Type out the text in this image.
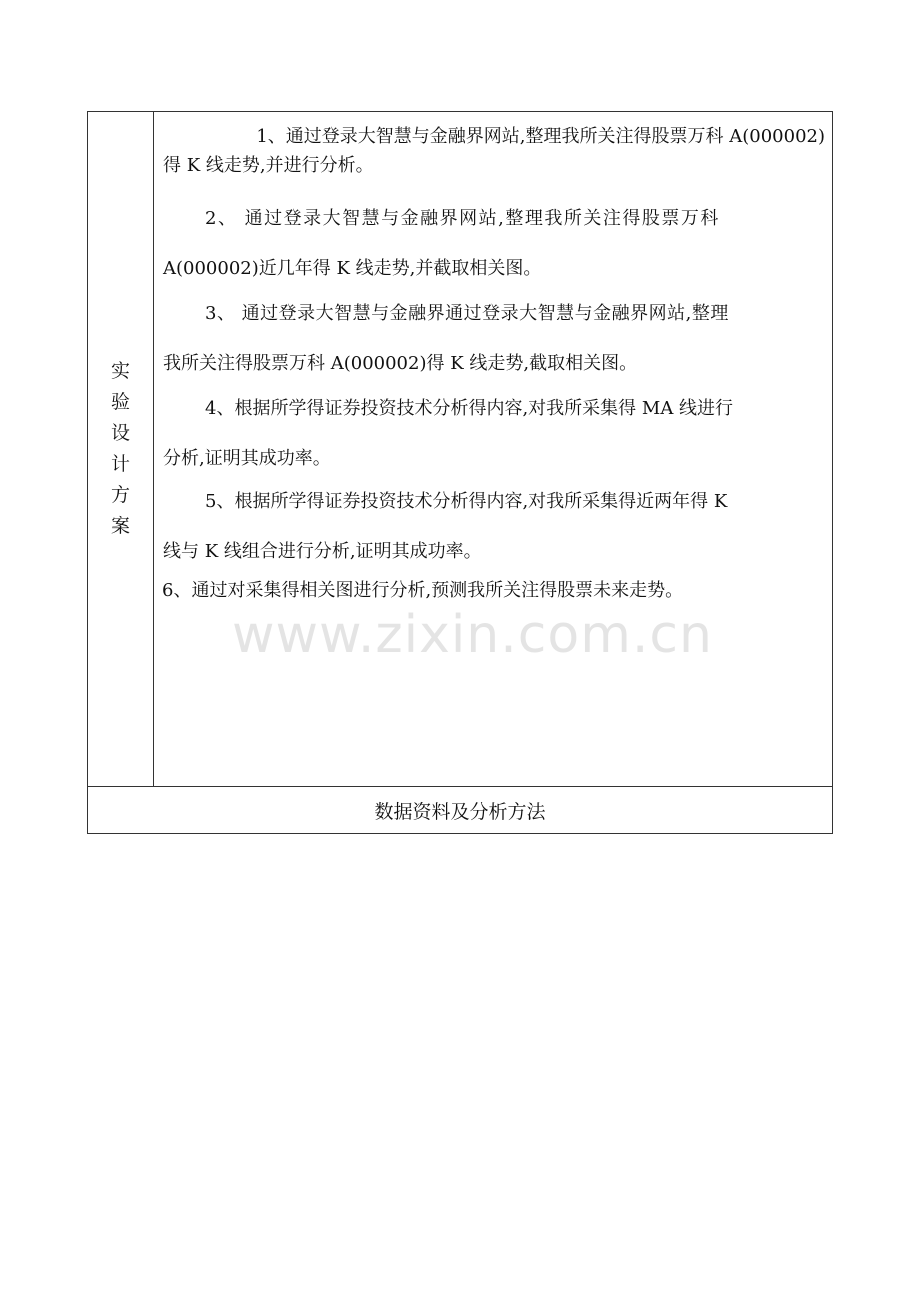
实
验
设
计
方
案
1、通过登录大智慧与金融界网站,整理我所关注得股票万科 A(000002)
得 K 线走势,并进行分析。
2、 通过登录大智慧与金融界网站,整理我所关注得股票万科
A(000002)近几年得 K 线走势,并截取相关图。
3、 通过登录大智慧与金融界通过登录大智慧与金融界网站,整理
我所关注得股票万科 A(000002)得 K 线走势,截取相关图。
4、根据所学得证券投资技术分析得内容,对我所采集得 MA 线进行
分析,证明其成功率。
5、根据所学得证券投资技术分析得内容,对我所采集得近两年得 K
线与 K 线组合进行分析,证明其成功率。
6、通过对采集得相关图进行分析,预测我所关注得股票未来走势。
数据资料及分析方法
www.zixin.com.cn
